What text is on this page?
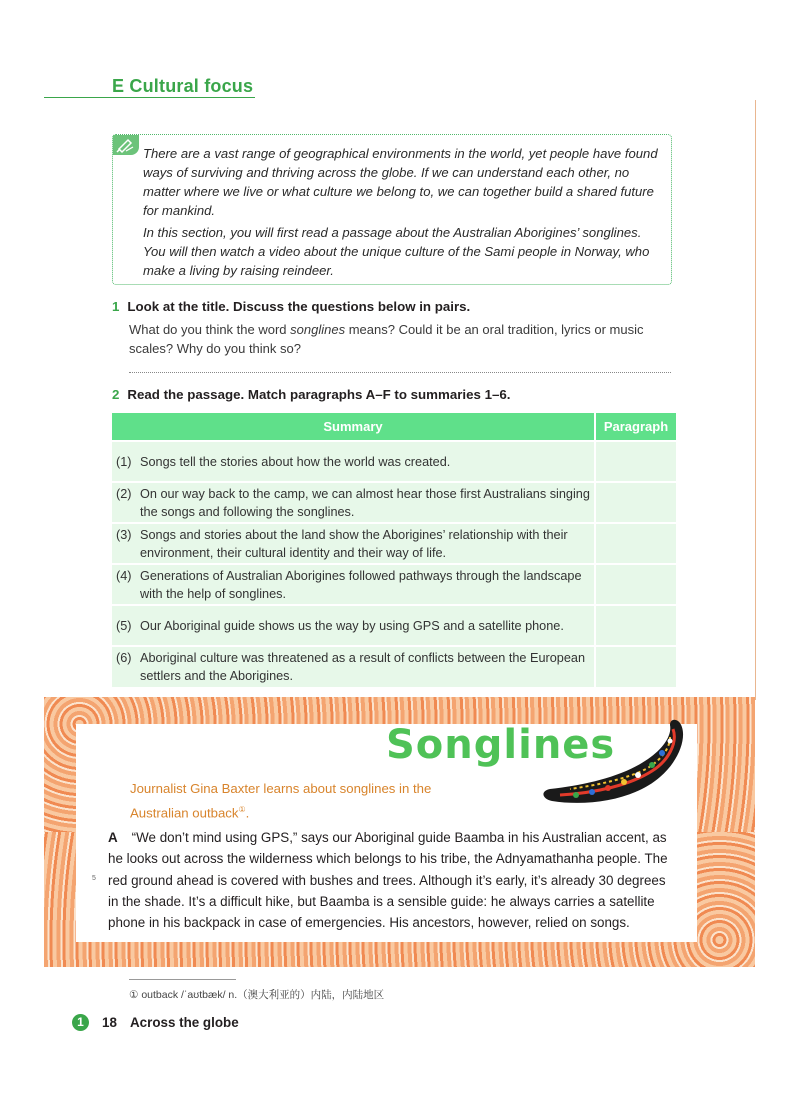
E Cultural focus

There are a vast range of geographical environments in the world, yet people have found ways of surviving and thriving across the globe. If we can understand each other, no matter where we live or what culture we belong to, we can together build a shared future for mankind.

In this section, you will first read a passage about the Australian Aborigines’ songlines. You will then watch a video about the unique culture of the Sami people in Norway, who make a living by raising reindeer.

1 Look at the title. Discuss the questions below in pairs.

What do you think the word songlines means? Could it be an oral tradition, lyrics or music scales? Why do you think so?

2 Read the passage. Match paragraphs A–F to summaries 1–6.
Summary	Paragraph

(1) Songs tell the stories about how the world was created.	

(2) On our way back to the camp, we can almost hear those first Australians singing the songs and following the songlines.	

(3) Songs and stories about the land show the Aborigines’ relationship with their environment, their cultural identity and their way of life.	

(4) Generations of Australian Aborigines followed pathways through the landscape with the help of songlines.	

(5) Our Aboriginal guide shows us the way by using GPS and a satellite phone.	

(6) Aboriginal culture was threatened as a result of conflicts between the European settlers and the Aborigines.	

Songlines

Journalist Gina Baxter learns about songlines in the Australian outback①.

5

A “We don’t mind using GPS,” says our Aboriginal guide Baamba in his Australian accent, as he looks out across the wilderness which belongs to his tribe, the Adnyamathanha people. The red ground ahead is covered with bushes and trees. Although it’s early, it’s already 30 degrees in the shade. It’s a difficult hike, but Baamba is a sensible guide: he always carries a satellite phone in his backpack in case of emergencies. His ancestors, however, relied on songs.

① outback /ˈaʊtbæk/ n.（澳大利亚的）内陆，内陆地区

1	18 Across the globe
